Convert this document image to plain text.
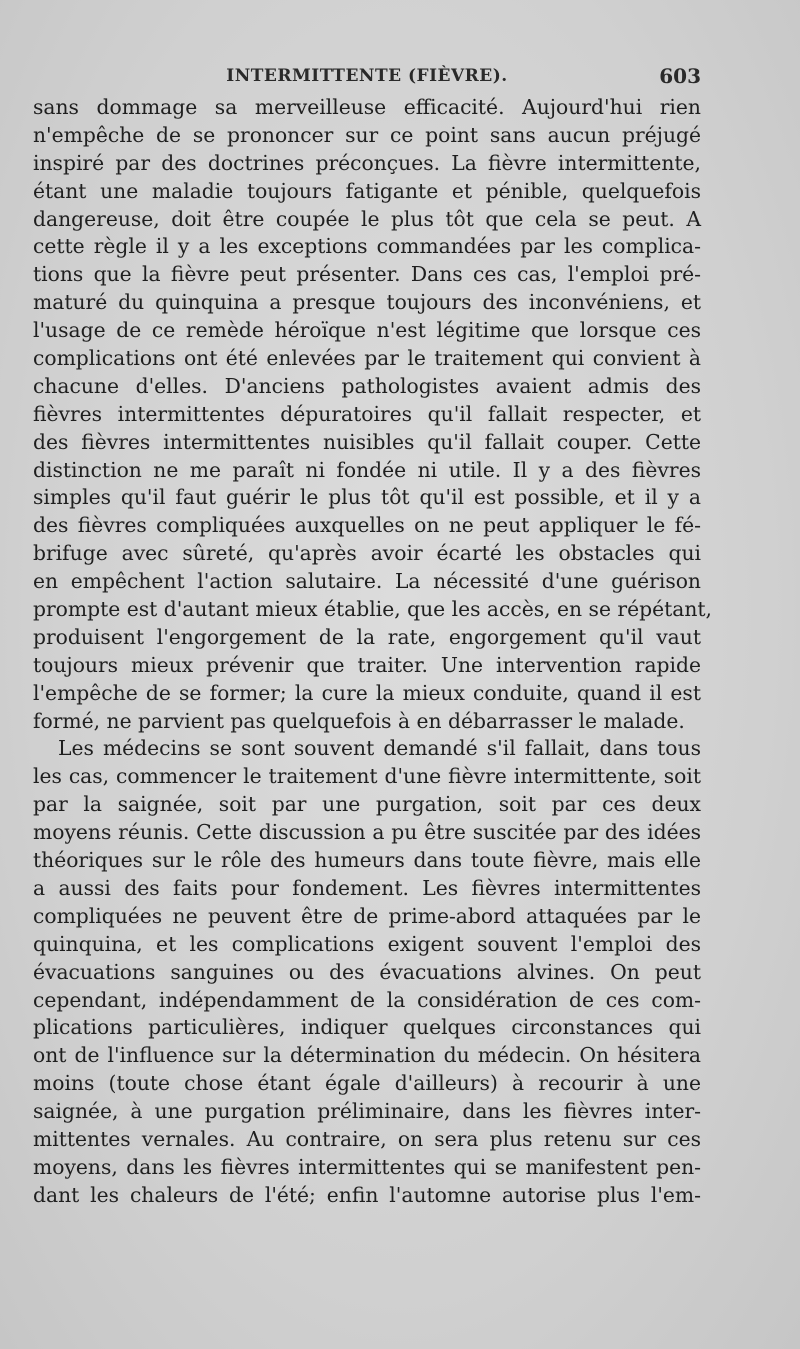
INTERMITTENTE (FIÈVRE).	603
sans dommage sa merveilleuse efficacité. Aujourd'hui rien
n'empêche de se prononcer sur ce point sans aucun préjugé
inspiré par des doctrines préconçues. La fièvre intermittente,
étant une maladie toujours fatigante et pénible, quelquefois
dangereuse, doit être coupée le plus tôt que cela se peut. A
cette règle il y a les exceptions commandées par les complica-
tions que la fièvre peut présenter. Dans ces cas, l'emploi pré-
maturé du quinquina a presque toujours des inconvéniens, et
l'usage de ce remède héroïque n'est légitime que lorsque ces
complications ont été enlevées par le traitement qui convient à
chacune d'elles. D'anciens pathologistes avaient admis des
fièvres intermittentes dépuratoires qu'il fallait respecter, et
des fièvres intermittentes nuisibles qu'il fallait couper. Cette
distinction ne me paraît ni fondée ni utile. Il y a des fièvres
simples qu'il faut guérir le plus tôt qu'il est possible, et il y a
des fièvres compliquées auxquelles on ne peut appliquer le fé-
brifuge avec sûreté, qu'après avoir écarté les obstacles qui
en empêchent l'action salutaire. La nécessité d'une guérison
prompte est d'autant mieux établie, que les accès, en se répétant,
produisent l'engorgement de la rate, engorgement qu'il vaut
toujours mieux prévenir que traiter. Une intervention rapide
l'empêche de se former; la cure la mieux conduite, quand il est
formé, ne parvient pas quelquefois à en débarrasser le malade.
Les médecins se sont souvent demandé s'il fallait, dans tous
les cas, commencer le traitement d'une fièvre intermittente, soit
par la saignée, soit par une purgation, soit par ces deux
moyens réunis. Cette discussion a pu être suscitée par des idées
théoriques sur le rôle des humeurs dans toute fièvre, mais elle
a aussi des faits pour fondement. Les fièvres intermittentes
compliquées ne peuvent être de prime-abord attaquées par le
quinquina, et les complications exigent souvent l'emploi des
évacuations sanguines ou des évacuations alvines. On peut
cependant, indépendamment de la considération de ces com-
plications particulières, indiquer quelques circonstances qui
ont de l'influence sur la détermination du médecin. On hésitera
moins (toute chose étant égale d'ailleurs) à recourir à une
saignée, à une purgation préliminaire, dans les fièvres inter-
mittentes vernales. Au contraire, on sera plus retenu sur ces
moyens, dans les fièvres intermittentes qui se manifestent pen-
dant les chaleurs de l'été; enfin l'automne autorise plus l'em-
